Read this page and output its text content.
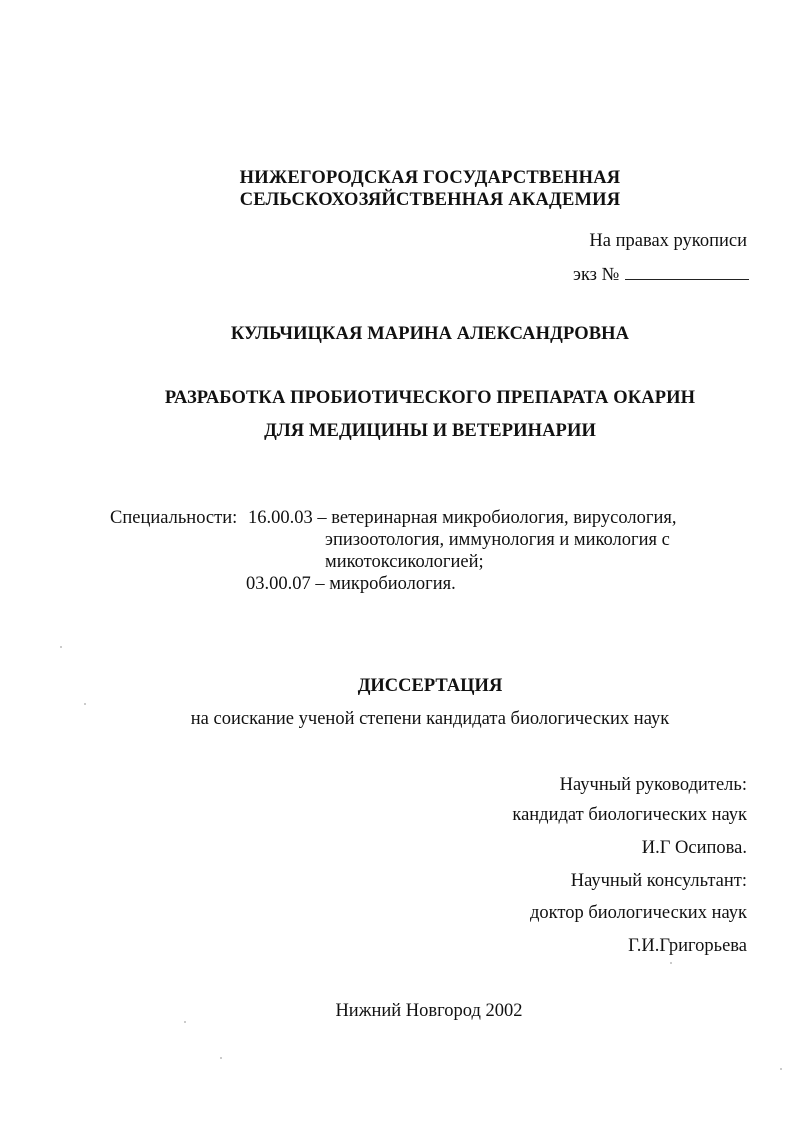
НИЖЕГОРОДСКАЯ ГОСУДАРСТВЕННАЯ
СЕЛЬСКОХОЗЯЙСТВЕННАЯ АКАДЕМИЯ
На правах рукописи
экз №
КУЛЬЧИЦКАЯ МАРИНА АЛЕКСАНДРОВНА
РАЗРАБОТКА ПРОБИОТИЧЕСКОГО ПРЕПАРАТА ОКАРИН
ДЛЯ МЕДИЦИНЫ И ВЕТЕРИНАРИИ
Специальности: 16.00.03 – ветеринарная микробиология, вирусология,
эпизоотология, иммунология и микология с
микотоксикологией;
03.00.07 – микробиология.
ДИССЕРТАЦИЯ
на соискание ученой степени кандидата биологических наук
Научный руководитель:
кандидат биологических наук
И.Г Осипова.
Научный консультант:
доктор биологических наук
Г.И.Григорьева
Нижний Новгород 2002
